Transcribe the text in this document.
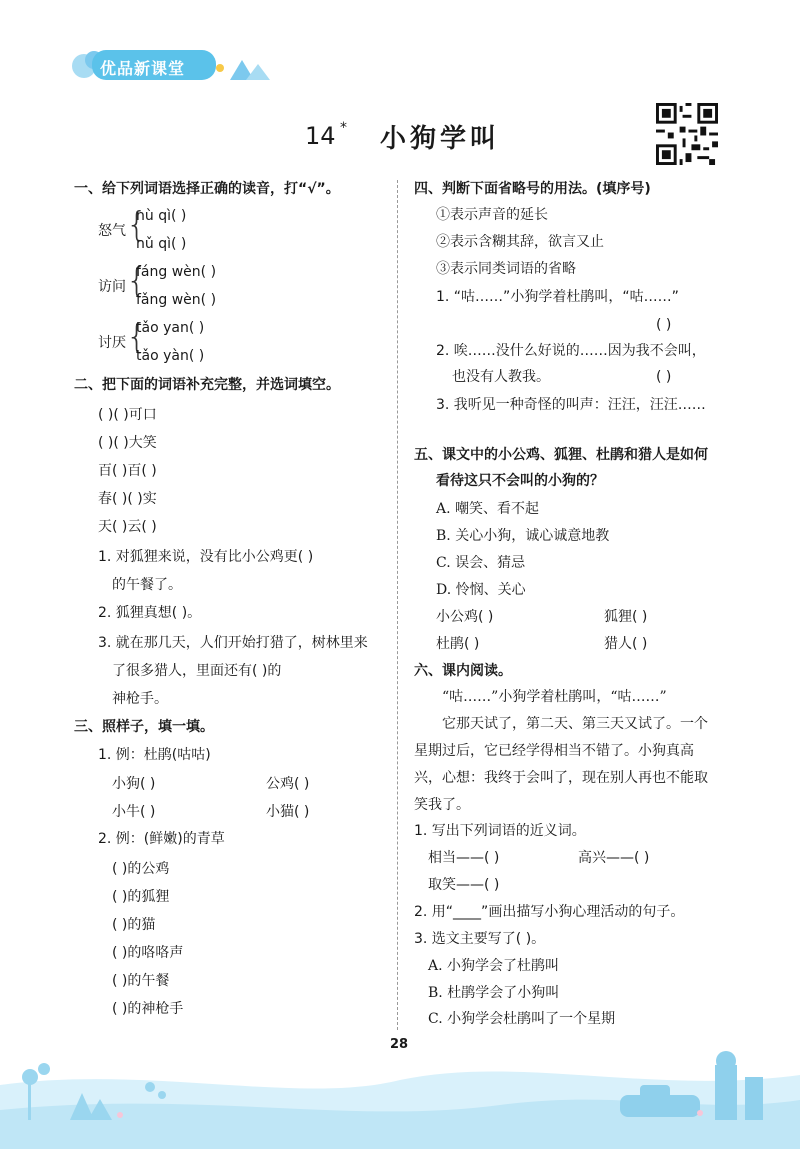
优品新课堂
14 * 小狗学叫
一、给下列词语选择正确的读音，打“√”。
怒气 {
nù qì( )
nǔ qì( )
访问 {
fáng wèn( )
fǎng wèn( )
讨厌 {
tǎo yan( )
tǎo yàn( )
二、把下面的词语补充完整，并选词填空。
( )( )可口
( )( )大笑
百( )百( )
春( )( )实
天( )云( )
1. 对狐狸来说，没有比小公鸡更( )
的午餐了。
2. 狐狸真想( )。
3. 就在那几天，人们开始打猎了，树林里来
了很多猎人，里面还有( )的
神枪手。
三、照样子，填一填。
1. 例：杜鹃(咕咕)
小狗( )	公鸡( )
小牛( )	小猫( )
2. 例：(鲜嫩)的青草
( )的公鸡
( )的狐狸
( )的猫
( )的咯咯声
( )的午餐
( )的神枪手
四、判断下面省略号的用法。(填序号)
①表示声音的延长
②表示含糊其辞，欲言又止
③表示同类词语的省略
1. “咕……”小狗学着杜鹃叫，“咕……”
( )
2. 唉……没什么好说的……因为我不会叫，
也没有人教我。	( )
3. 我听见一种奇怪的叫声：汪汪，汪汪……
五、课文中的小公鸡、狐狸、杜鹃和猎人是如何
看待这只不会叫的小狗的？
A. 嘲笑、看不起
B. 关心小狗，诚心诚意地教
C. 误会、猜忌
D. 怜悯、关心
小公鸡( )	狐狸( )
杜鹃( )	猎人( )
六、课内阅读。
“咕……”小狗学着杜鹃叫，“咕……”
它那天试了，第二天、第三天又试了。一个
星期过后，它已经学得相当不错了。小狗真高
兴，心想：我终于会叫了，现在别人再也不能取
笑我了。
1. 写出下列词语的近义词。
相当——( )	高兴——( )
取笑——( )
2. 用“____”画出描写小狗心理活动的句子。
3. 选文主要写了( )。
A. 小狗学会了杜鹃叫
B. 杜鹃学会了小狗叫
C. 小狗学会杜鹃叫了一个星期
28
